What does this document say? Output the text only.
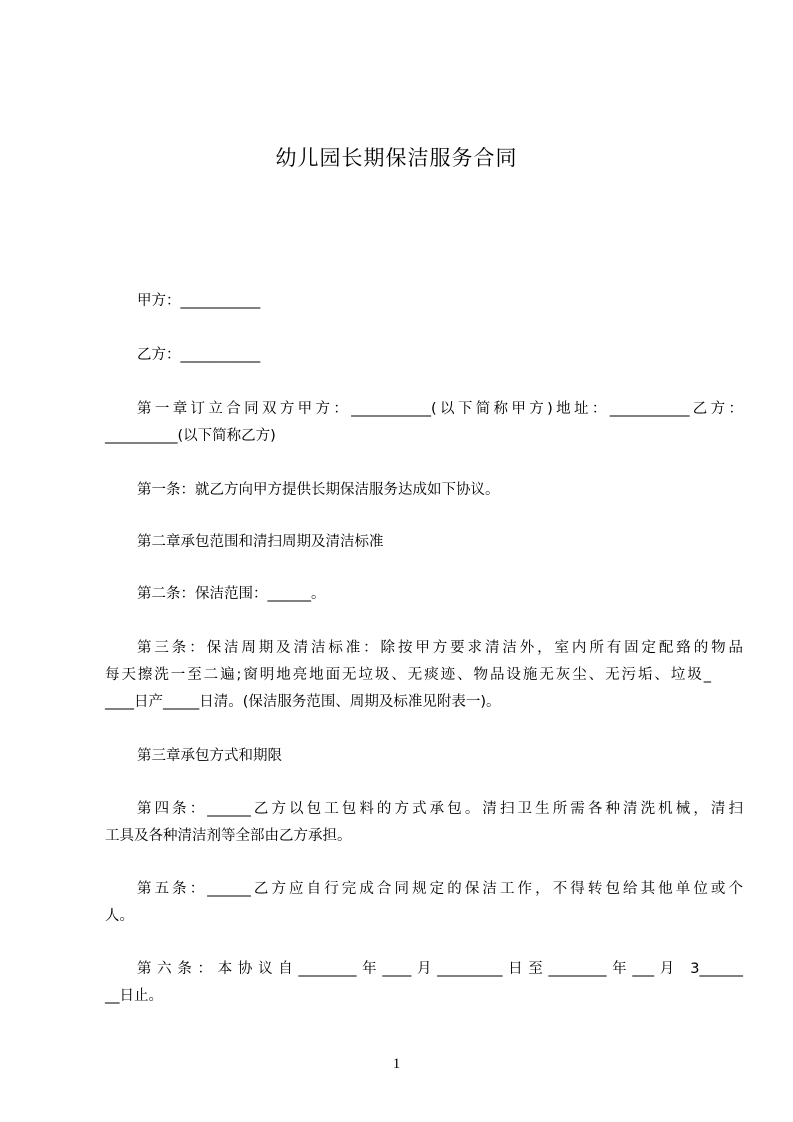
幼儿园长期保洁服务合同
甲方：___________
乙方：___________
第一章订立合同双方甲方：___________(以下简称甲方)地址：___________乙方：
__________(以下简称乙方)
第一条：就乙方向甲方提供长期保洁服务达成如下协议。
第二章承包范围和清扫周期及清洁标准
第二条：保洁范围：______。
第三条：保洁周期及清洁标准：除按甲方要求清洁外，室内所有固定配臵的物品
每天擦洗一至二遍;窗明地亮地面无垃圾、无痰迹、物品设施无灰尘、无污垢、垃圾_
____日产_____日清。(保洁服务范围、周期及标准见附表一)。
第三章承包方式和期限
第四条：______乙方以包工包料的方式承包。清扫卫生所需各种清洗机械，清扫
工具及各种清洁剂等全部由乙方承担。
第五条：______乙方应自行完成合同规定的保洁工作，不得转包给其他单位或个
人。
第六条：本协议自________年____月_________日至________年___月 3______
__日止。
1
